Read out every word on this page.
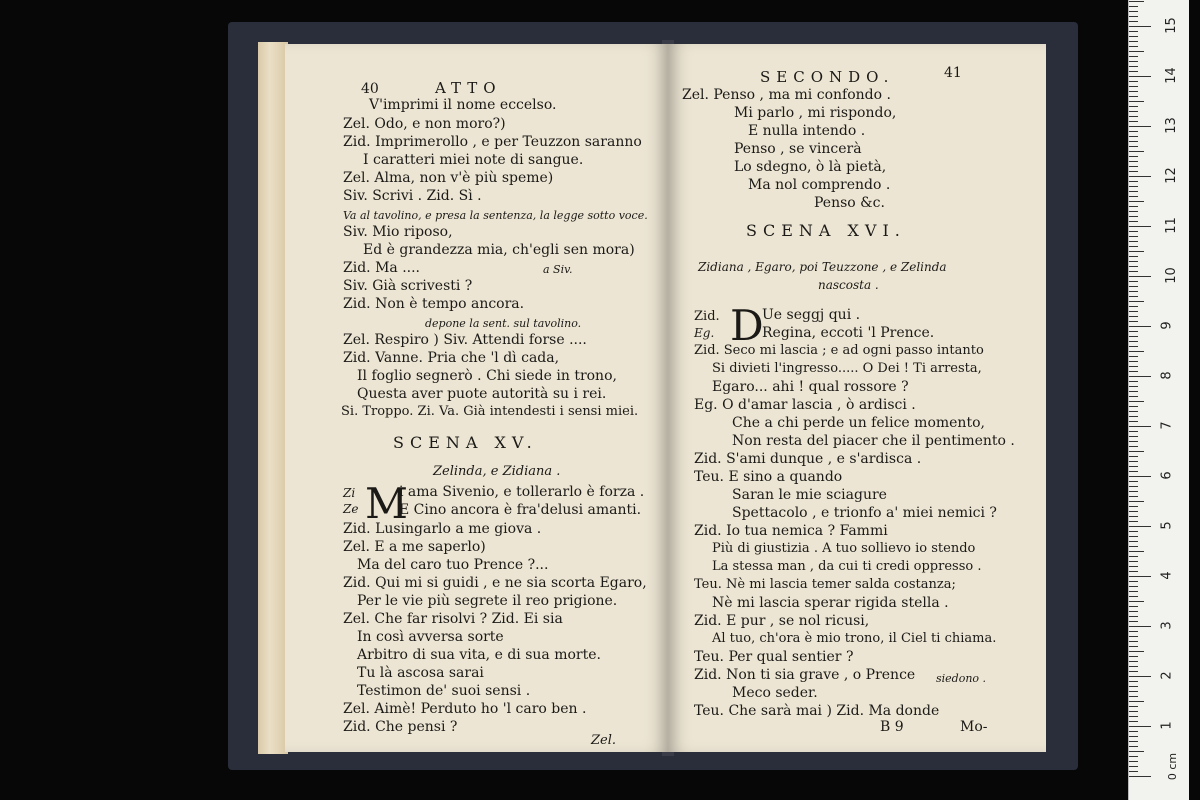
40	ATTO
V'imprimi il nome eccelso.
Zel. Odo, e non moro?)
Zid. Imprimerollo , e per Teuzzon saranno
I caratteri miei note di sangue.
Zel. Alma, non v'è più speme)
Siv. Scrivi . Zid. Sì .
Va al tavolino, e presa la sentenza, la legge sotto voce.
Siv. Mio riposo,
Ed è grandezza mia, ch'egli sen mora)
Zid. Ma ....	a Siv.
Siv. Già scrivesti ?
Zid. Non è tempo ancora.
depone la sent. sul tavolino.
Zel. Respiro ) Siv. Attendi forse ....
Zid. Vanne. Pria che 'l dì cada,
Il foglio segnerò . Chi siede in trono,
Questa aver puote autorità su i rei.
Si. Troppo. Zi. Va. Già intendesti i sensi miei.
SCENA XV.
Zelinda, e Zidiana .
Zi
Ze M
i ama Sivenio, e tollerarlo è forza .
E Cino ancora è fra'delusi amanti.
Zid. Lusingarlo a me giova .
Zel. E a me saperlo)
Ma del caro tuo Prence ?...
Zid. Qui mi si guidi , e ne sia scorta Egaro,
Per le vie più segrete il reo prigione.
Zel. Che far risolvi ? Zid. Ei sia
In così avversa sorte
Arbitro di sua vita, e di sua morte.
Tu là ascosa sarai
Testimon de' suoi sensi .
Zel. Aimè! Perduto ho 'l caro ben .
Zid. Che pensi ?
Zel.
SECONDO.	41
Zel. Penso , ma mi confondo .
Mi parlo , mi rispondo,
E nulla intendo .
Penso , se vincerà
Lo sdegno, ò là pietà,
Ma nol comprendo .
Penso &c.
SCENA XVI.
Zidiana , Egaro, poi Teuzzone , e Zelinda
nascosta .
Zid.
Eg. D
Ue seggj qui .
Regina, eccoti 'l Prence.
Zid. Seco mi lascia ; e ad ogni passo intanto
Si divieti l'ingresso..... O Dei ! Ti arresta,
Egaro... ahi ! qual rossore ?
Eg. O d'amar lascia , ò ardisci .
Che a chi perde un felice momento,
Non resta del piacer che il pentimento .
Zid. S'ami dunque , e s'ardisca .
Teu. E sino a quando
Saran le mie sciagure
Spettacolo , e trionfo a' miei nemici ?
Zid. Io tua nemica ? Fammi
Più di giustizia . A tuo sollievo io stendo
La stessa man , da cui ti credi oppresso .
Teu. Nè mi lascia temer salda costanza;
Nè mi lascia sperar rigida stella .
Zid. E pur , se nol ricusi,
Al tuo, ch'ora è mio trono, il Ciel ti chiama.
Teu. Per qual sentier ?
Zid. Non ti sia grave , o Prence siedono .
Meco seder.
Teu. Che sarà mai ) Zid. Ma donde
B 9	Mo-	1
2
3
4
5
6
7
8
9
10
11
12
13
14
15
0 cm
